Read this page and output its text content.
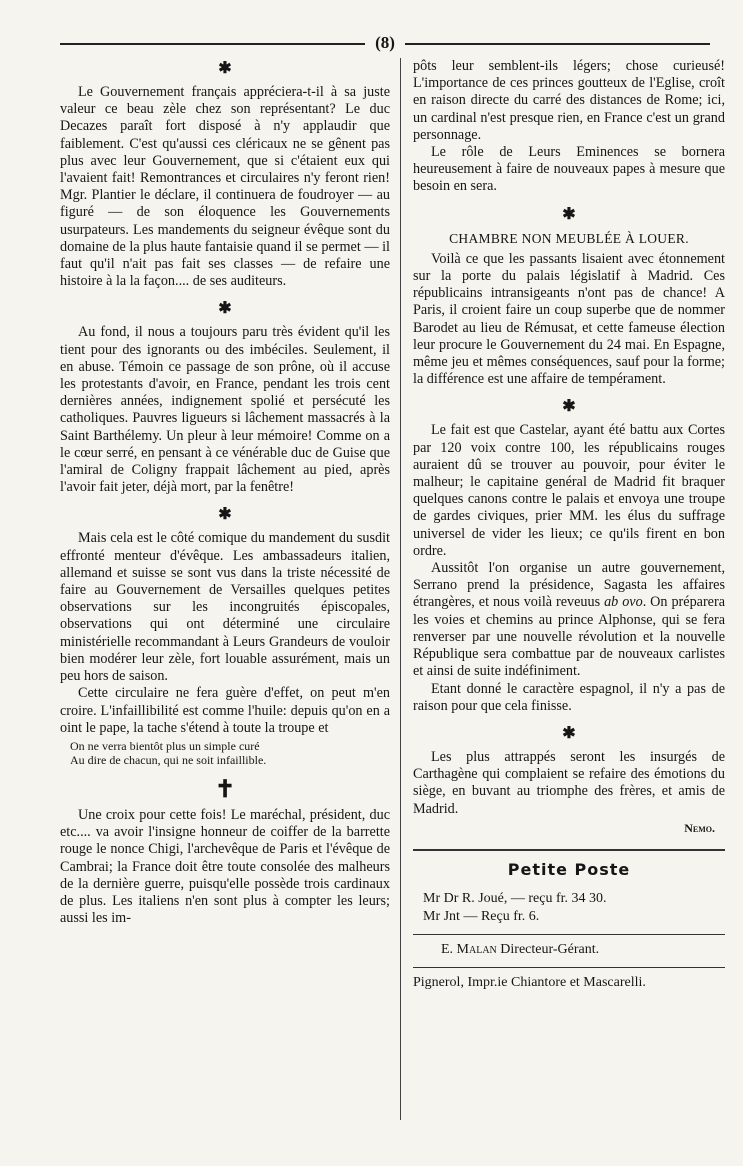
(8)
✱

Le Gouvernement français appréciera-t-il à sa juste valeur ce beau zèle chez son représentant? Le duc Decazes paraît fort disposé à n'y applaudir que faiblement. C'est qu'aussi ces cléricaux ne se gênent pas plus avec leur Gouvernement, que si c'étaient eux qui l'avaient fait! Remontrances et circulaires n'y feront rien! Mgr. Plantier le déclare, il continuera de foudroyer — au figuré — de son éloquence les Gouvernements usurpateurs. Les mandements du seigneur évêque sont du domaine de la plus haute fantaisie quand il se permet — il faut qu'il n'ait pas fait ses classes — de refaire une histoire à la la façon.... de ses auditeurs.

✱

Au fond, il nous a toujours paru très évident qu'il les tient pour des ignorants ou des imbéciles. Seulement, il en abuse. Témoin ce passage de son prône, où il accuse les protestants d'avoir, en France, pendant les trois cent dernières années, indignement spolié et persécuté les catholiques. Pauvres ligueurs si lâchement massacrés à la Saint Barthélemy. Un pleur à leur mémoire! Comme on a le cœur serré, en pensant à ce vénérable duc de Guise que l'amiral de Coligny frappait lâchement au pied, après l'avoir fait jeter, déjà mort, par la fenêtre!

✱

Mais cela est le côté comique du mandement du susdit effronté menteur d'évêque. Les ambassadeurs italien, allemand et suisse se sont vus dans la triste nécessité de faire au Gouvernement de Versailles quelques petites observations sur les incongruités épiscopales, observations qui ont déterminé une circulaire ministérielle recommandant à Leurs Grandeurs de vouloir bien modérer leur zèle, fort louable assurément, mais un peu hors de saison.

Cette circulaire ne fera guère d'effet, on peut m'en croire. L'infaillibilité est comme l'huile: depuis qu'on en a oint le pape, la tache s'étend à toute la troupe et

On ne verra bientôt plus un simple curé
Au dire de chacun, qui ne soit infaillible.
✝

Une croix pour cette fois! Le maréchal, président, duc etc.... va avoir l'insigne honneur de coiffer de la barrette rouge le nonce Chigi, l'archevêque de Paris et l'évêque de Cambrai; la France doit être toute consolée des malheurs de la dernière guerre, puisqu'elle possède trois cardinaux de plus. Les italiens n'en sont plus à compter les leurs; aussi les im-

pôts leur semblent-ils légers; chose curieusé! L'importance de ces princes goutteux de l'Eglise, croît en raison directe du carré des distances de Rome; ici, un cardinal n'est presque rien, en France c'est un grand personnage.

Le rôle de Leurs Eminences se bornera heureusement à faire de nouveaux papes à mesure que besoin en sera.

✱
CHAMBRE NON MEUBLÉE À LOUER.

Voilà ce que les passants lisaient avec étonnement sur la porte du palais législatif à Madrid. Ces républicains intransigeants n'ont pas de chance! A Paris, il croient faire un coup superbe que de nommer Barodet au lieu de Rémusat, et cette fameuse élection leur procure le Gouvernement du 24 mai. En Espagne, même jeu et mêmes conséquences, sauf pour la forme; la différence est une affaire de tempérament.

✱

Le fait est que Castelar, ayant été battu aux Cortes par 120 voix contre 100, les républicains rouges auraient dû se trouver au pouvoir, pour éviter le malheur; le capitaine genéral de Madrid fit braquer quelques canons contre le palais et envoya une troupe de gardes civiques, prier MM. les élus du suffrage universel de vider les lieux; ce qu'ils firent en bon ordre.

Aussitôt l'on organise un autre gouvernement, Serrano prend la présidence, Sagasta les affaires étrangères, et nous voilà reveuus ab ovo. On préparera les voies et chemins au prince Alphonse, qui se fera renverser par une nouvelle révolution et la nouvelle République sera combattue par de nouveaux carlistes et ainsi de suite indéfiniment.

Etant donné le caractère espagnol, il n'y a pas de raison pour que cela finisse.

✱

Les plus attrappés seront les insurgés de Carthagène qui complaient se refaire des émotions du siège, en buvant au triomphe des frères, et amis de Madrid.

Nemo.
Petite Poste
Mr Dr R. Joué, — reçu fr. 34 30.
Mr Jnt — Reçu fr. 6.
E. Malan Directeur-Gérant.
Pignerol, Impr.ie Chiantore et Mascarelli.
